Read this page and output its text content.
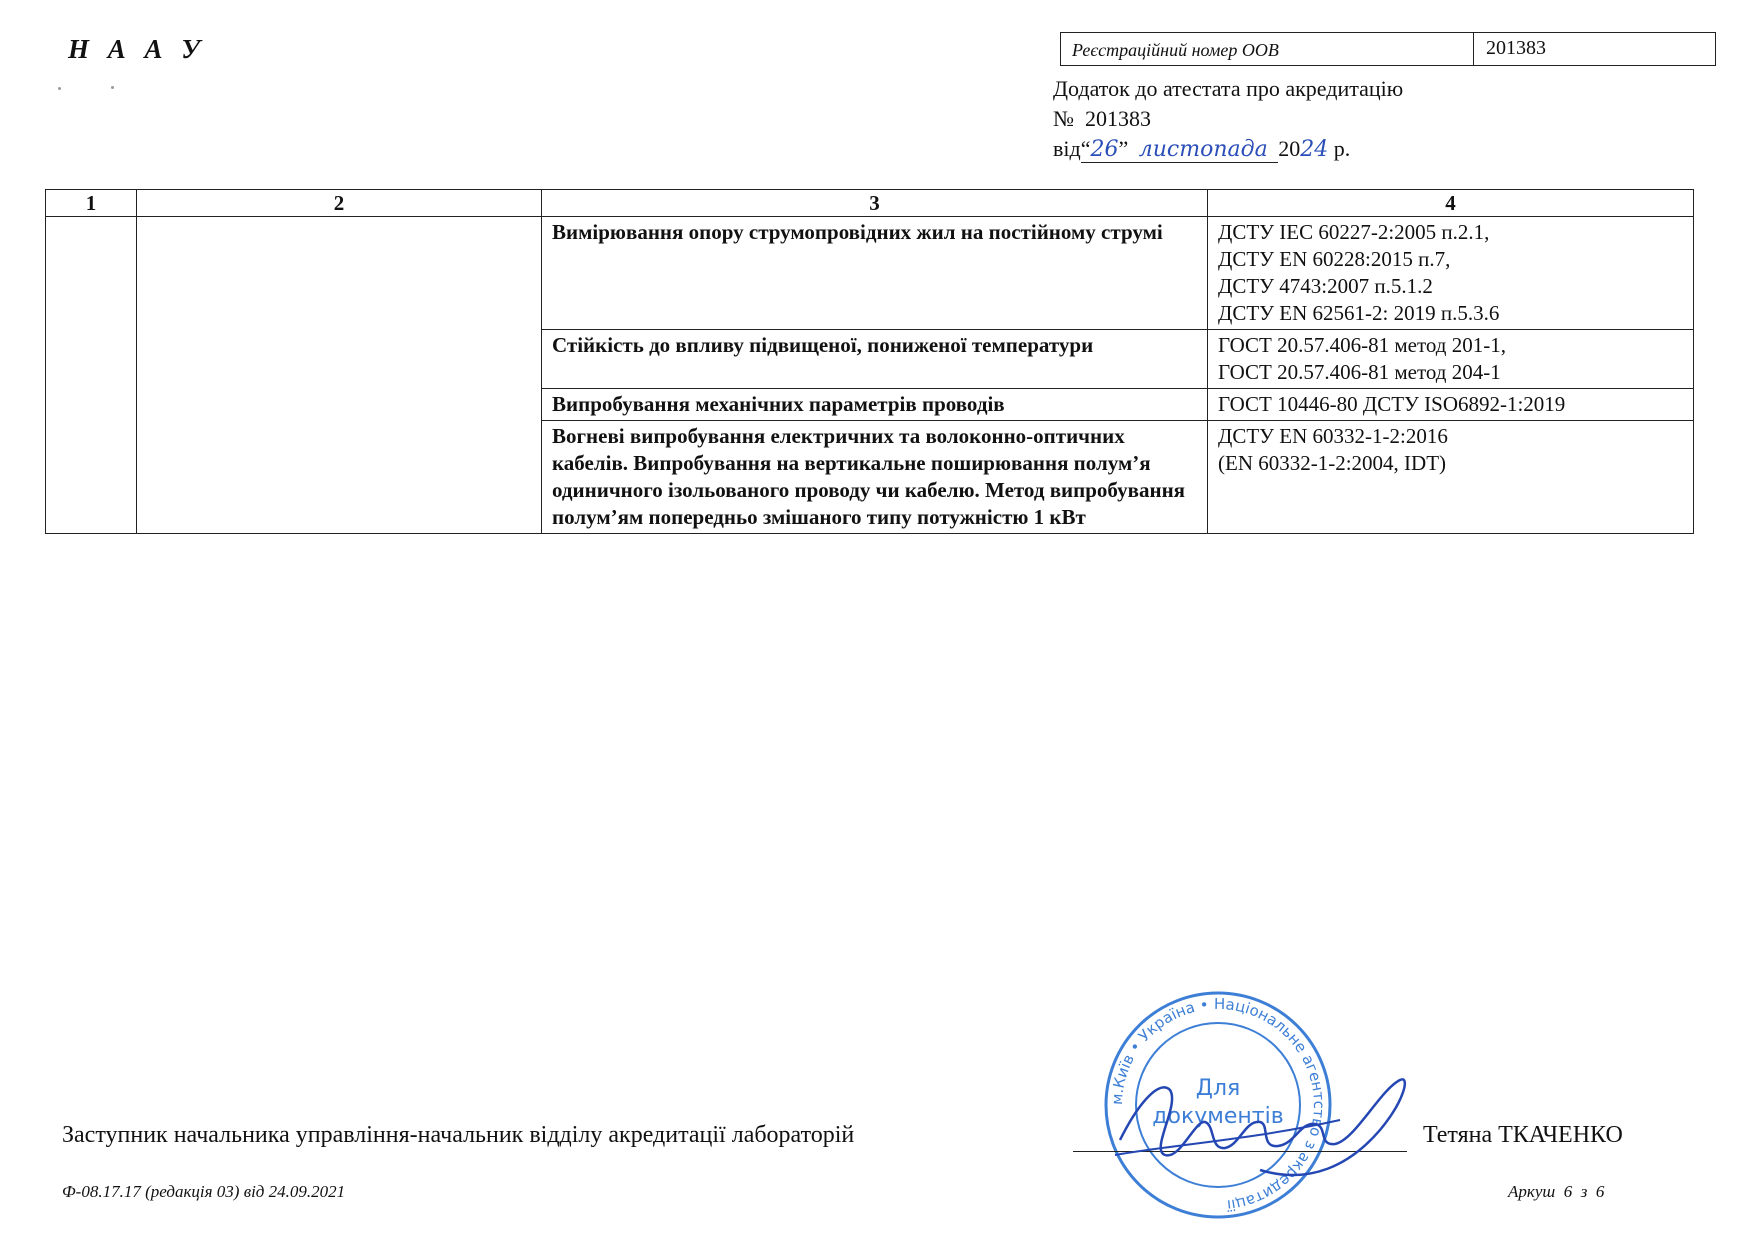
Н А А У	Реєстраційний номер ООВ	201383
Додаток до атестата про акредитацію
№ 201383
від“26” листопада 2024 р.
1	2	3	4
		Вимірювання опору струмопровідних жил на постійному струмі	ДСТУ IEC 60227-2:2005 п.2.1,
ДСТУ EN 60228:2015 п.7,
ДСТУ 4743:2007 п.5.1.2
ДСТУ EN 62561-2: 2019 п.5.3.6

		Стійкість до впливу підвищеної, пониженої температури	ГОСТ 20.57.406-81 метод 201-1,
ГОСТ 20.57.406-81 метод 204-1

		Випробування механічних параметрів проводів	ГОСТ 10446-80 ДСТУ ISO6892-1:2019

		Вогневі випробування електричних та волоконно-оптичних кабелів. Випробування на вертикальне поширювання полум’я одиничного ізольованого проводу чи кабелю. Метод випробування полум’ям попередньо змішаного типу потужністю 1 кВт	ДСТУ EN 60332-1-2:2016
(EN 60332-1-2:2004, IDT)
м.Київ • Україна • Національне агентство з акредитації
Для
документів
Заступник начальника управління-начальник відділу акредитації лабораторій	Тетяна ТКАЧЕНКО
Ф-08.17.17 (редакція 03) від 24.09.2021	Аркуш 6 з 6
